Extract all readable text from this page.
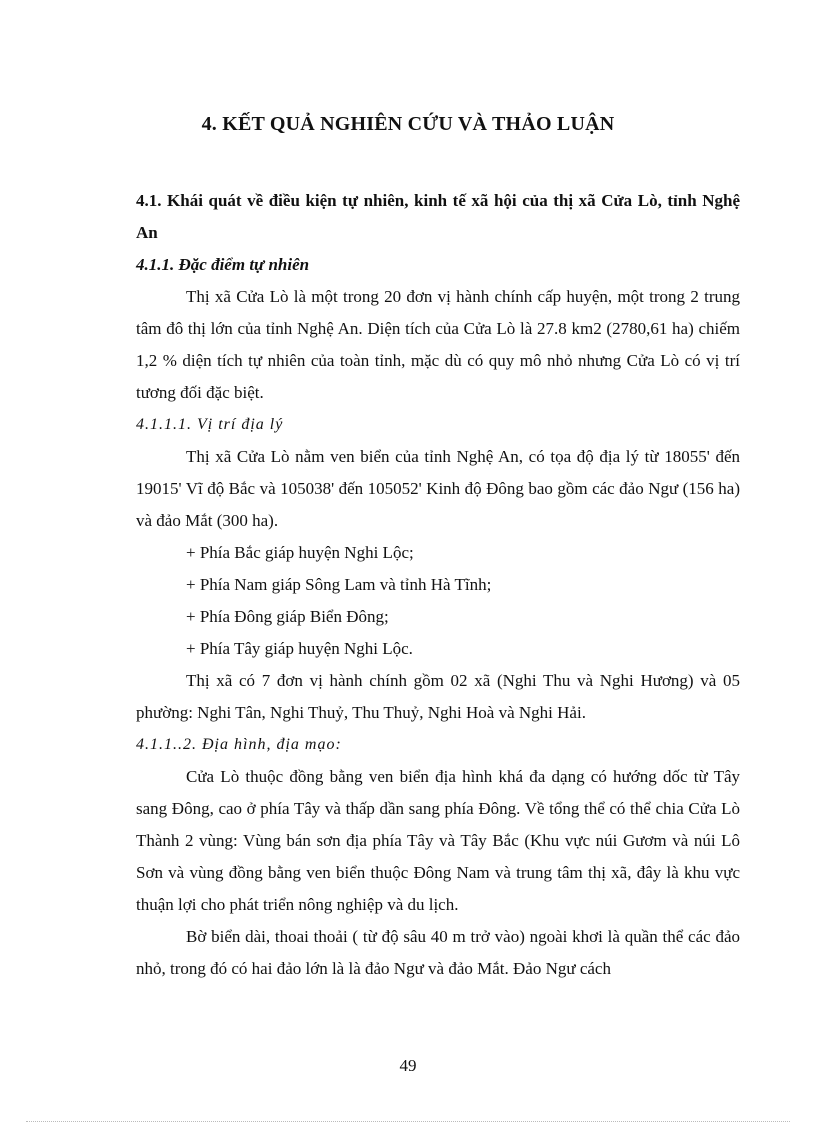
4. KẾT QUẢ NGHIÊN CỨU VÀ THẢO LUẬN

4.1. Khái quát về điều kiện tự nhiên, kinh tế xã hội của thị xã Cửa Lò, tỉnh Nghệ An

4.1.1. Đặc điểm tự nhiên

Thị xã Cửa Lò là một trong 20 đơn vị hành chính cấp huyện, một trong 2 trung tâm đô thị lớn của tỉnh Nghệ An. Diện tích của Cửa Lò là 27.8 km2 (2780,61 ha) chiếm 1,2 % diện tích tự nhiên của toàn tỉnh, mặc dù có quy mô nhỏ nhưng Cửa Lò có vị trí tương đối đặc biệt.

4.1.1.1. Vị trí địa lý

Thị xã Cửa Lò nằm ven biển của tỉnh Nghệ An, có tọa độ địa lý từ 18055' đến 19015' Vĩ độ Bắc và 105038' đến 105052' Kinh độ Đông bao gồm các đảo Ngư (156 ha) và đảo Mắt (300 ha).

+ Phía Bắc giáp huyện Nghi Lộc;

+ Phía Nam giáp Sông Lam và tỉnh Hà Tĩnh;

+ Phía Đông giáp Biển Đông;

+ Phía Tây giáp huyện Nghi Lộc.

Thị xã có 7 đơn vị hành chính gồm 02 xã (Nghi Thu và Nghi Hương) và 05 phường: Nghi Tân, Nghi Thuỷ, Thu Thuỷ, Nghi Hoà và Nghi Hải.

4.1.1..2. Địa hình, địa mạo:

Cửa Lò thuộc đồng bằng ven biển địa hình khá đa dạng có hướng dốc từ Tây sang Đông, cao ở phía Tây và thấp dần sang phía Đông. Về tổng thể có thể chia Cửa Lò Thành 2 vùng: Vùng bán sơn địa phía Tây và Tây Bắc (Khu vực núi Gươm và núi Lô Sơn và vùng đồng bằng ven biển thuộc Đông Nam và trung tâm thị xã, đây là khu vực thuận lợi cho phát triển nông nghiệp và du lịch.

Bờ biển dài, thoai thoải ( từ độ sâu 40 m trở vào) ngoài khơi là quần thể các đảo nhỏ, trong đó có hai đảo lớn là là đảo Ngư và đảo Mắt. Đảo Ngư cách

49
